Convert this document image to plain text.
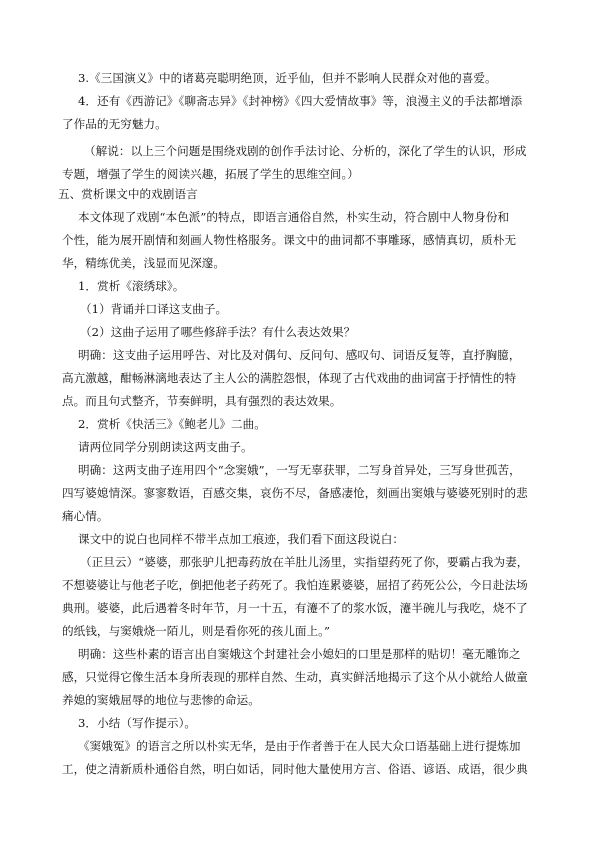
3.《三国演义》中的诸葛亮聪明绝顶，近乎仙，但并不影响人民群众对他的喜爱。
4．还有《西游记》《聊斋志异》《封神榜》《四大爱情故事》等，浪漫主义的手法都增添
了作品的无穷魅力。
（解说：以上三个问题是围绕戏剧的创作手法讨论、分析的，深化了学生的认识，形成
专题，增强了学生的阅读兴趣，拓展了学生的思维空间。）
五、赏析课文中的戏剧语言
本文体现了戏剧“本色派”的特点，即语言通俗自然，朴实生动，符合剧中人物身份和
个性，能为展开剧情和刻画人物性格服务。课文中的曲词都不事雕琢，感情真切，质朴无
华，精练优美，浅显而见深邃。
1．赏析《滚绣球》。
（1）背诵并口译这支曲子。
（2）这曲子运用了哪些修辞手法？有什么表达效果？
明确：这支曲子运用呼告、对比及对偶句、反问句、感叹句、词语反复等，直抒胸臆，
高亢激越，酣畅淋漓地表达了主人公的满腔怨恨，体现了古代戏曲的曲词富于抒情性的特
点。而且句式整齐，节奏鲜明，具有强烈的表达效果。
2．赏析《快活三》《鲍老儿》二曲。
请两位同学分别朗读这两支曲子。
明确：这两支曲子连用四个“念窦娥”，一写无辜获罪，二写身首异处，三写身世孤苦，
四写婆媳情深。寥寥数语，百感交集，哀伤不尽，备感凄怆，刻画出窦娥与婆婆死别时的悲
痛心情。
课文中的说白也同样不带半点加工痕迹，我们看下面这段说白：
（正旦云）“婆婆，那张驴儿把毒药放在羊肚儿汤里，实指望药死了你，要霸占我为妻，
不想婆婆让与他老子吃，倒把他老子药死了。我怕连累婆婆，屈招了药死公公，今日赴法场
典刑。婆婆，此后遇着冬时年节，月一十五，有瀽不了的浆水饭，瀽半碗儿与我吃，烧不了
的纸钱，与窦娥烧一陌儿，则是看你死的孩儿面上。”
明确：这些朴素的语言出自窦娥这个封建社会小媳妇的口里是那样的贴切！毫无雕饰之
感，只觉得它像生活本身所表现的那样自然、生动，真实鲜活地揭示了这个从小就给人做童
养媳的窦娥屈辱的地位与悲惨的命运。
3．小结（写作提示）。
《窦娥冤》的语言之所以朴实无华，是由于作者善于在人民大众口语基础上进行提炼加
工，使之清新质朴通俗自然，明白如话，同时他大量使用方言、俗语、谚语、成语，很少典
